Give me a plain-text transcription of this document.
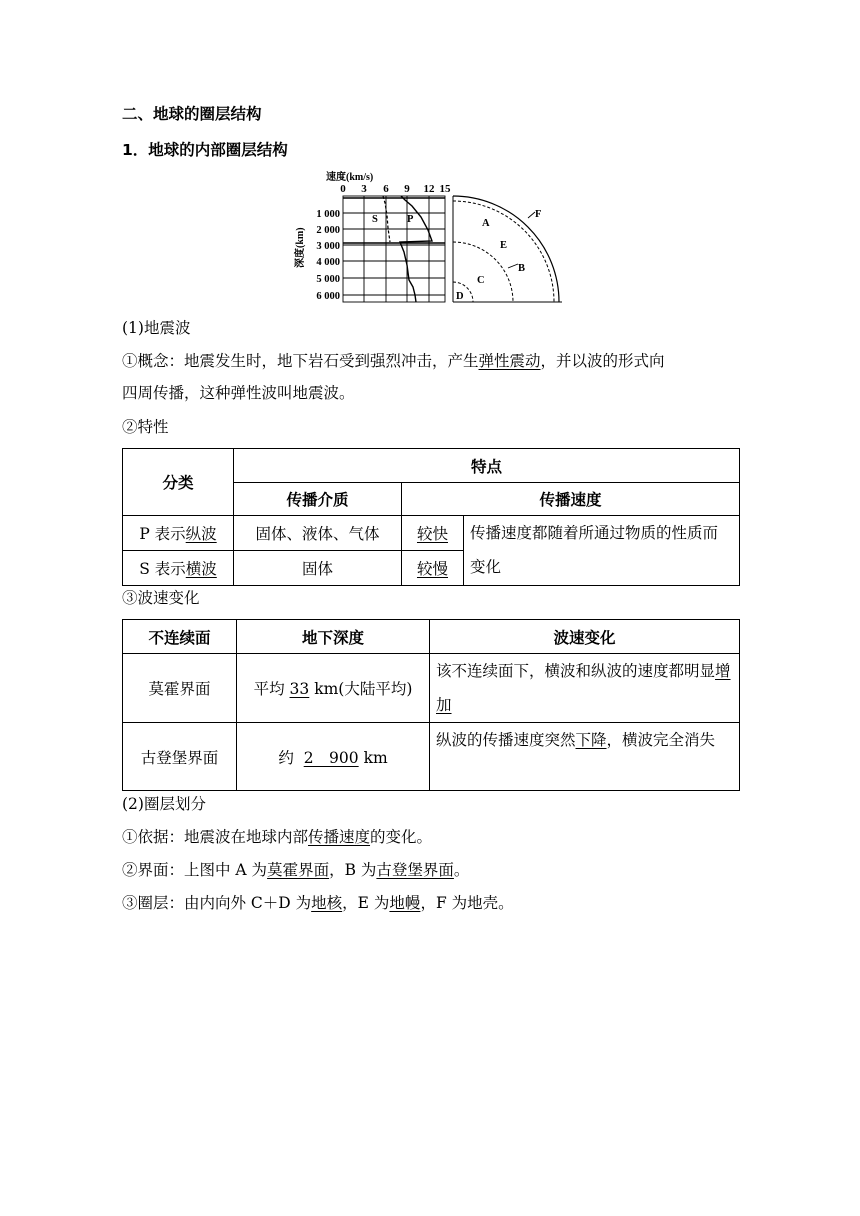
二、地球的圈层结构
1．地球的内部圈层结构
速度(km/s)
0 3 6 9 12 15
深度(km)
1 000
2 000
3 000
4 000
5 000
6 000
S	P	A
F
E
B
C
D
(1)地震波
①概念：地震发生时，地下岩石受到强烈冲击，产生弹性震动，并以波的形式向
四周传播，这种弹性波叫地震波。
②特性
分类	特点		
	传播介质	传播速度	
P 表示纵波	固体、液体、气体	较快	传播速度都随着所通过物质的性质而变化
S 表示横波	固体	较慢	
③波速变化
不连续面	地下深度	波速变化
莫霍界面	平均 33 km(大陆平均)	该不连续面下，横波和纵波的速度都明显增加
古登堡界面	约  2　900 km	纵波的传播速度突然下降，横波完全消失
(2)圈层划分
①依据：地震波在地球内部传播速度的变化。
②界面：上图中 A 为莫霍界面，B 为古登堡界面。
③圈层：由内向外 C＋D 为地核，E 为地幔，F 为地壳。
